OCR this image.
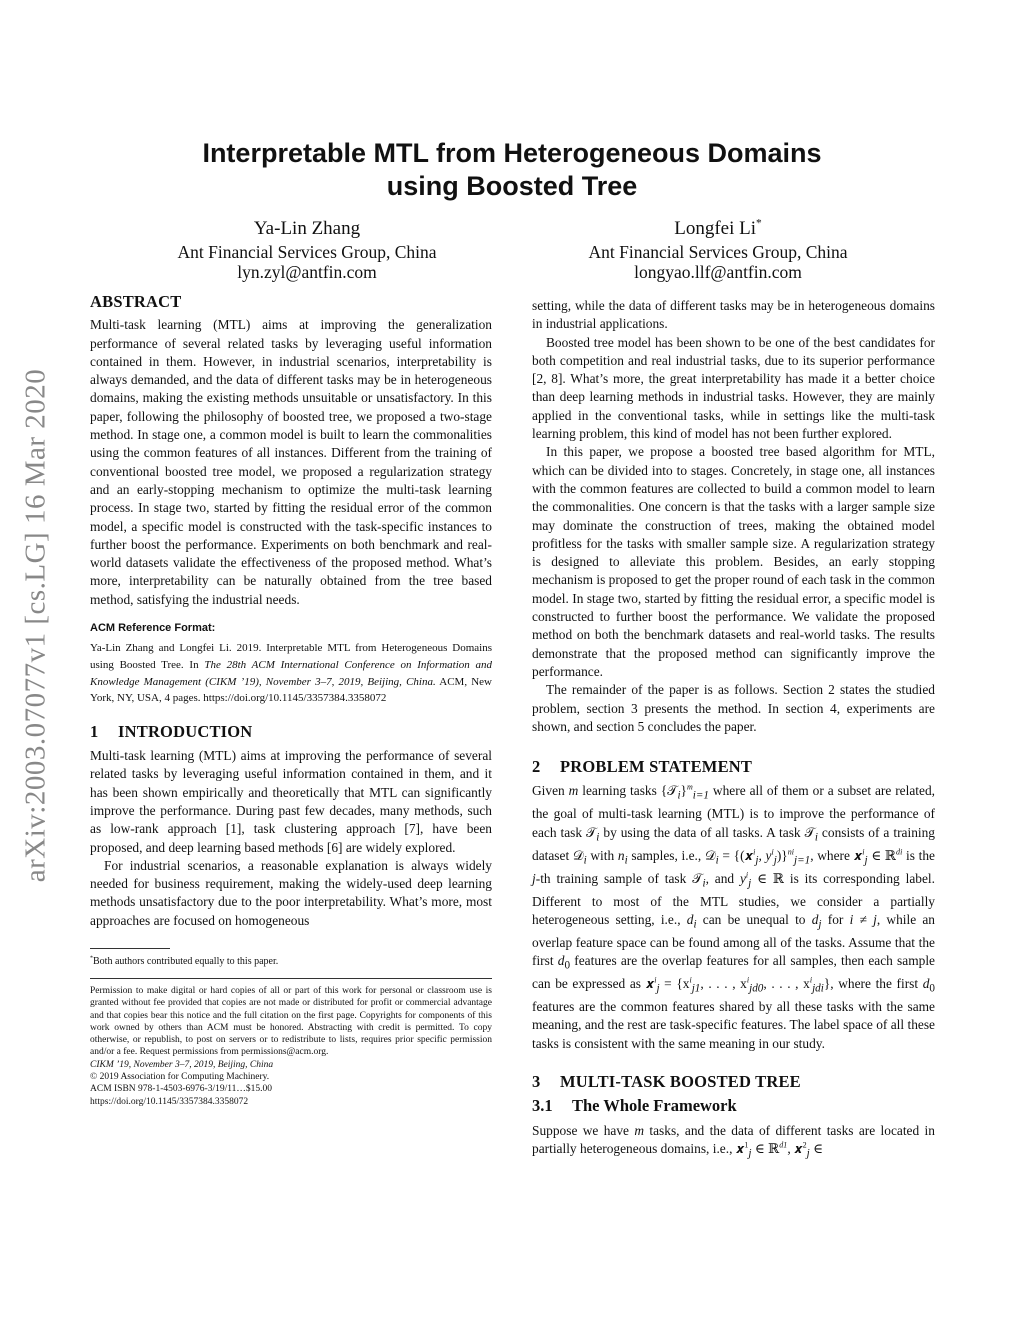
arXiv:2003.07077v1 [cs.LG] 16 Mar 2020
Interpretable MTL from Heterogeneous Domains
using Boosted Tree
Ya-Lin Zhang
Ant Financial Services Group, China
lyn.zyl@antfin.com
Longfei Li*
Ant Financial Services Group, China
longyao.llf@antfin.com
ABSTRACT

Multi-task learning (MTL) aims at improving the generalization performance of several related tasks by leveraging useful information contained in them. However, in industrial scenarios, interpretability is always demanded, and the data of different tasks may be in heterogeneous domains, making the existing methods unsuitable or unsatisfactory. In this paper, following the philosophy of boosted tree, we proposed a two-stage method. In stage one, a common model is built to learn the commonalities using the common features of all instances. Different from the training of conventional boosted tree model, we proposed a regularization strategy and an early-stopping mechanism to optimize the multi-task learning process. In stage two, started by fitting the residual error of the common model, a specific model is constructed with the task-specific instances to further boost the performance. Experiments on both benchmark and real-world datasets validate the effectiveness of the proposed method. What’s more, interpretability can be naturally obtained from the tree based method, satisfying the industrial needs.

ACM Reference Format:
Ya-Lin Zhang and Longfei Li. 2019. Interpretable MTL from Heterogeneous Domains using Boosted Tree. In The 28th ACM International Conference on Information and Knowledge Management (CIKM ’19), November 3–7, 2019, Beijing, China. ACM, New York, NY, USA, 4 pages. https://doi.org/10.1145/3357384.3358072
1 INTRODUCTION

Multi-task learning (MTL) aims at improving the performance of several related tasks by leveraging useful information contained in them, and it has been shown empirically and theoretically that MTL can significantly improve the performance. During past few decades, many methods, such as low-rank approach [1], task clustering approach [7], have been proposed, and deep learning based methods [6] are widely explored.

For industrial scenarios, a reasonable explanation is always widely needed for business requirement, making the widely-used deep learning methods unsatisfactory due to the poor interpretability. What’s more, most approaches are focused on homogeneous

*Both authors contributed equally to this paper.
Permission to make digital or hard copies of all or part of this work for personal or classroom use is granted without fee provided that copies are not made or distributed for profit or commercial advantage and that copies bear this notice and the full citation on the first page. Copyrights for components of this work owned by others than ACM must be honored. Abstracting with credit is permitted. To copy otherwise, or republish, to post on servers or to redistribute to lists, requires prior specific permission and/or a fee. Request permissions from permissions@acm.org.
CIKM ’19, November 3–7, 2019, Beijing, China
© 2019 Association for Computing Machinery.
ACM ISBN 978-1-4503-6976-3/19/11…$15.00
https://doi.org/10.1145/3357384.3358072

setting, while the data of different tasks may be in heterogeneous domains in industrial applications.

Boosted tree model has been shown to be one of the best candidates for both competition and real industrial tasks, due to its superior performance [2, 8]. What’s more, the great interpretability has made it a better choice than deep learning methods in industrial tasks. However, they are mainly applied in the conventional tasks, while in settings like the multi-task learning problem, this kind of model has not been further explored.

In this paper, we propose a boosted tree based algorithm for MTL, which can be divided into to stages. Concretely, in stage one, all instances with the common features are collected to build a common model to learn the commonalities. One concern is that the tasks with a larger sample size may dominate the construction of trees, making the obtained model profitless for the tasks with smaller sample size. A regularization strategy is designed to alleviate this problem. Besides, an early stopping mechanism is proposed to get the proper round of each task in the common model. In stage two, started by fitting the residual error, a specific model is constructed to further boost the performance. We validate the proposed method on both the benchmark datasets and real-world tasks. The results demonstrate that the proposed method can significantly improve the performance.

The remainder of the paper is as follows. Section 2 states the studied problem, section 3 presents the method. In section 4, experiments are shown, and section 5 concludes the paper.

2 PROBLEM STATEMENT

Given m learning tasks {𝒯$_i$}$^m_{i=1}$ where all of them or a subset are related, the goal of multi-task learning (MTL) is to improve the performance of each task 𝒯$_i$ by using the data of all tasks. A task 𝒯$_i$ consists of a training dataset 𝒟$_i$ with $n_i$ samples, i.e., 𝒟$_i$ = {(𝒙$^i_j$, $y^i_j)\}^{ni}_{j=1}$, where 𝒙$^i_j$ ∈ ℝ$^{di}$ is the j-th training sample of task 𝒯$_i$, and $y^i_j$ ∈ ℝ is its corresponding label. Different to most of the MTL studies, we consider a partially heterogeneous setting, i.e., $d_i$ can be unequal to $d_j$ for i ≠ j, while an overlap feature space can be found among all of the tasks. Assume that the first $d_0$ features are the overlap features for all samples, then each sample can be expressed as 𝒙$^i_j$ = {$x^i_{j1}$, . . . , $x^i_{jd0}$, . . . , $x^i_{jdi}$}, where the first $d_0$ features are the common features shared by all these tasks with the same meaning, and the rest are task-specific features. The label space of all these tasks is consistent with the same meaning in our study.

3 MULTI-TASK BOOSTED TREE
3.1 The Whole Framework

Suppose we have m tasks, and the data of different tasks are located in partially heterogeneous domains, i.e., 𝒙$^1_j$ ∈ ℝ$^{d1}$, 𝒙$^2_j$ ∈
